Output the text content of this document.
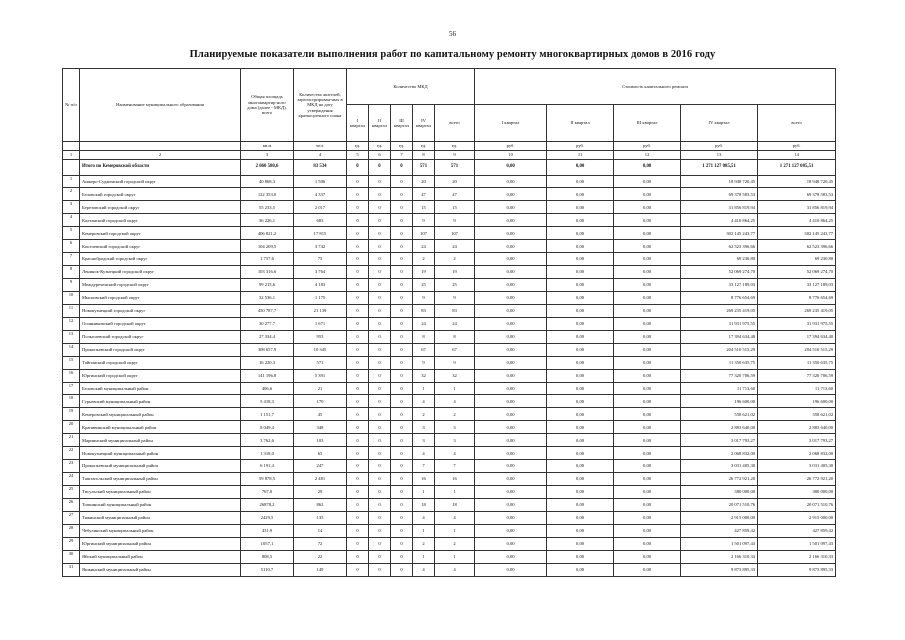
56
Планируемые показатели выполнения работ по капитальному ремонту многоквартирных домов в 2016 году
№ п/п	Наименование муниципального образования	Общая площадь многоквартир-ного дома (далее - МКД), всего	Количество жителей, зарегистрирован-ных в МКД на дату утверждения краткосрочного плана	Количество МКД					Стоимость капитального ремонта				
				I квартал	II квартал	III квартал	IV квартал	всего	I квартал	II квартал	III квартал	IV квартал	всего
		кв.м	чел.	ед.	ед.	ед.	ед.	ед.	руб.	руб.	руб.	руб.	руб.
1	2	3	4	5	6	7	8	9	10	11	12	13	14
	Итого по Кемеровской области	2 060 580,6	83 534	0	0	0	571	571	0,00	0,00	0,00	1 271 127 085,51	1 271 127 085,51
1	Анжеро-Судженский городской округ	40 868,3	1 506	0	0	0	20	20	0,00	0,00	0,00	18 948 720,45	18 948 720,45
2	Беловский городской округ	122 353,0	4 337	0	0	0	47	47	0,00	0,00	0,00	69 378 583,53	69 378 583,53
3	Березовский городской округ	55 233,5	2 017	0	0	0	15	15	0,00	0,00	0,00	31 856 819,94	31 856 819,94
4	Калтанский городской округ	36 226,1	683	0	0	0	9	9	0,00	0,00	0,00	4 410 864,25	4 410 864,25
5	Кемеровский городской округ	406 821,2	17 815	0	0	0	107	107	0,00	0,00	0,00	302 145 243,77	302 145 243,77
6	Киселевский городской округ	104 209,5	3 742	0	0	0	24	24	0,00	0,00	0,00	62 523 396,66	62 523 396,66
7	Краснобродский городской округ	1 757,6	75	0	0	0	2	2	0,00	0,00	0,00	69 230,80	69 230,80
8	Ленинск-Кузнецкий городской округ	103 316,6	3 764	0	0	0	19	19	0,00	0,00	0,00	52 069 274,70	52 069 274,70
9	Междуреченский городской округ	99 215,6	4 183	0	0	0	25	25	0,00	0,00	0,00	33 127 189,03	33 127 189,03
10	Мысковский городской округ	32 536,1	1 175	0	0	0	9	9	0,00	0,00	0,00	8 776 654,69	8 776 654,69
11	Новокузнецкий городской округ	450 787,7	21 139	0	0	0	83	83	0,00	0,00	0,00	269 235 419,05	269 235 419,05
12	Осинниковский городской округ	30 277,7	1 671	0	0	0	24	24	0,00	0,00	0,00	31 931 975,55	31 931 975,55
13	Полысаевский городской округ	27 334,4	953	0	0	0	8	8	0,00	0,00	0,00	17 394 634,40	17 394 634,40
14	Прокопьевский городской округ	308 657,9	10 345	0	0	0	67	67	0,00	0,00	0,00	204 510 515,29	204 510 515,29
15	Тайгинский городской округ	16 220,3	571	0	0	0	9	9	0,00	0,00	0,00	11 350 635,75	11 350 635,75
16	Юргинский городской округ	141 196,8	5 391	0	0	0	32	32	0,00	0,00	0,00	77 320 706,59	77 320 706,59
17	Беловский муниципальный район	406,6	21	0	0	0	1	1	0,00	0,00	0,00	11 713,60	11 713,60
18	Гурьевский муниципальный район	5 418,3	170	0	0	0	4	4	0,00	0,00	0,00	196 600,00	196 600,00
19	Кемеровский муниципальный район	1 151,7	45	0	0	0	2	2	0,00	0,00	0,00	558 621,02	558 621,02
20	Крапивинский муниципальный район	8 049,4	348	0	0	0	3	3	0,00	0,00	0,00	2 883 640,00	2 883 640,00
21	Мариинский муниципальный район	3 762,6	103	0	0	0	3	3	0,00	0,00	0,00	3 017 793,27	3 017 793,27
22	Новокузнецкий муниципальный район	1 318,0	65	0	0	0	4	4	0,00	0,00	0,00	2 068 832,00	2 068 832,00
23	Прокопьевский муниципальный район	6 191,4	247	0	0	0	7	7	0,00	0,00	0,00	3 031 405,30	3 031 405,30
24	Таштагольский муниципальный район	59 878,5	2 481	0	0	0	16	16	0,00	0,00	0,00	26 772 921,20	26 772 921,20
25	Тисульский муниципальный район	767,0	29	0	0	0	1	1	0,00	0,00	0,00	380 000,00	380 000,00
26	Топкинский муниципальный район	26878,2	862	0	0	0	18	18	0,00	0,00	0,00	20 071 510,76	20 071 510,76
27	Тяжинский муниципальный район	2429,5	135	0	0	0	4	4	0,00	0,00	0,00	2 915 000,00	2 915 000,00
28	Чебулинский муниципальный район	431,9	14	0	0	0	1	1	0,00	0,00	0,00	427 859,42	427 859,42
29	Юргинский муниципальный район	1057,1	72	0	0	0	2	2	0,00	0,00	0,00	1 501 097,43	1 501 097,43
30	Яйский муниципальный район	808,5	22	0	0	0	1	1	0,00	0,00	0,00	2 166 310,33	2 166 310,33
31	Яшкинский муниципальный район	5110,7	149	0	0	0	4	4	0,00	0,00	0,00	9 873 895,33	9 873 895,33
